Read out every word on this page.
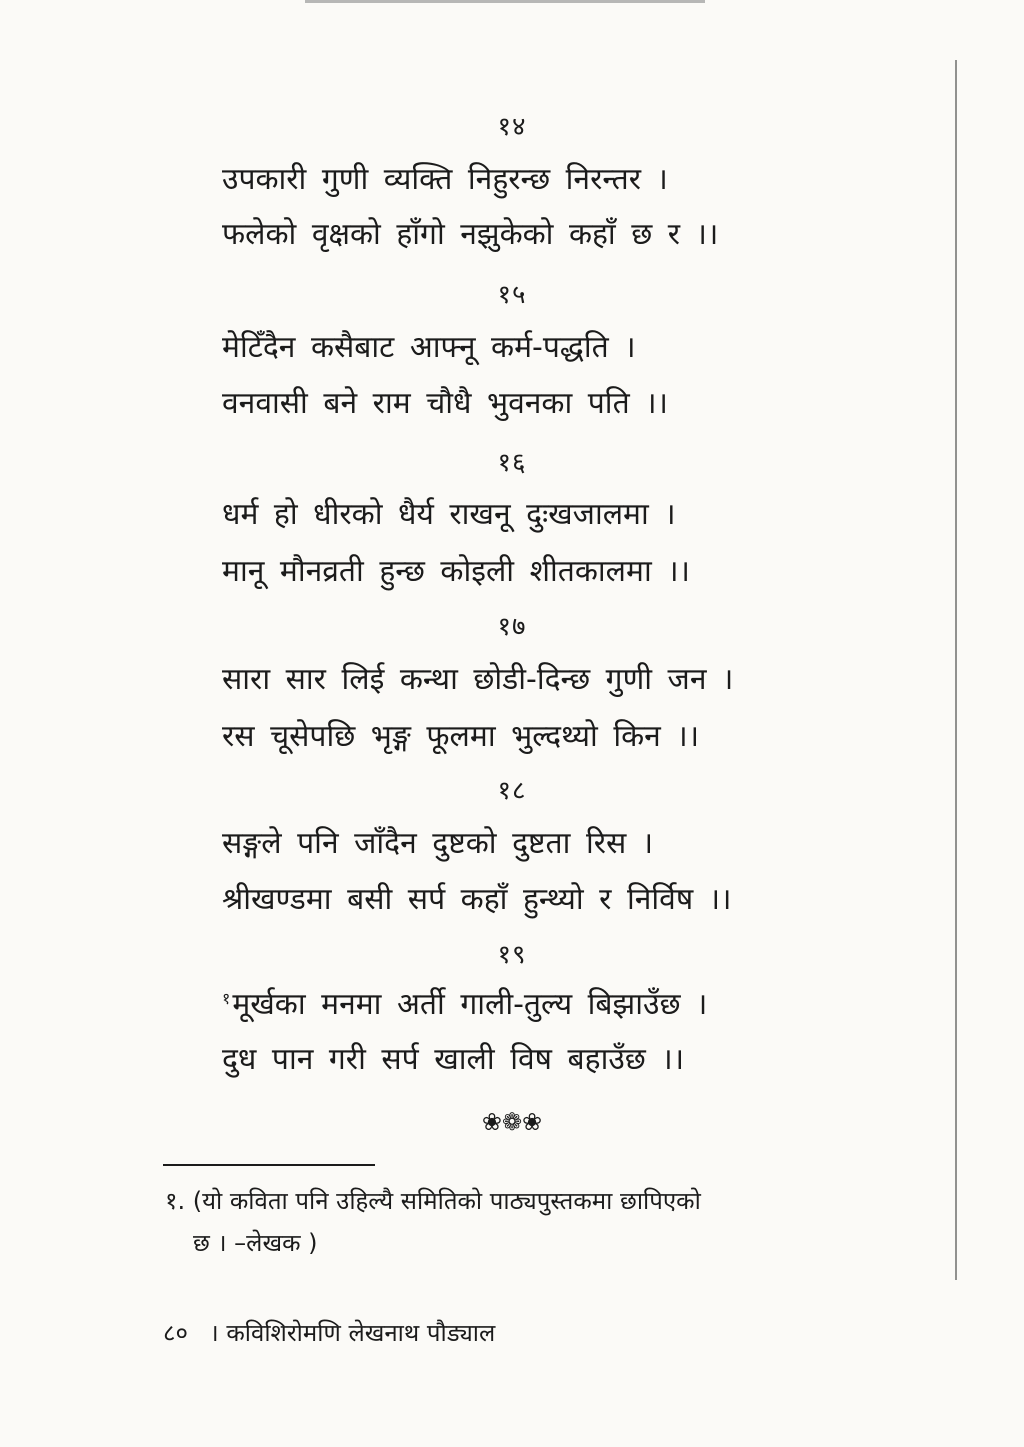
१४
उपकारी गुणी व्यक्ति निहुरन्छ निरन्तर ।
फलेको वृक्षको हाँगो नझुकेको कहाँ छ र ।।
१५
मेटिँदैन कसैबाट आफ्नू कर्म-पद्धति ।
वनवासी बने राम चौधै भुवनका पति ।।
१६
धर्म हो धीरको धैर्य राखनू दुःखजालमा ।
मानू मौनव्रती हुन्छ कोइली शीतकालमा ।।
१७
सारा सार लिई कन्था छोडी-दिन्छ गुणी जन ।
रस चूसेपछि भृङ्ग फूलमा भुल्दथ्यो किन ।।
१८
सङ्गले पनि जाँदैन दुष्टको दुष्टता रिस ।
श्रीखण्डमा बसी सर्प कहाँ हुन्थ्यो र निर्विष ।।
१९
$^१$मूर्खका मनमा अर्ती गाली-तुल्य बिझाउँछ ।
दुध पान गरी सर्प खाली विष बहाउँछ ।।
❀❁❀
१. (यो कविता पनि उहिल्यै समितिको पाठ्यपुस्तकमा छापिएको
छ । –लेखक )
८० । कविशिरोमणि लेखनाथ पौड्याल
